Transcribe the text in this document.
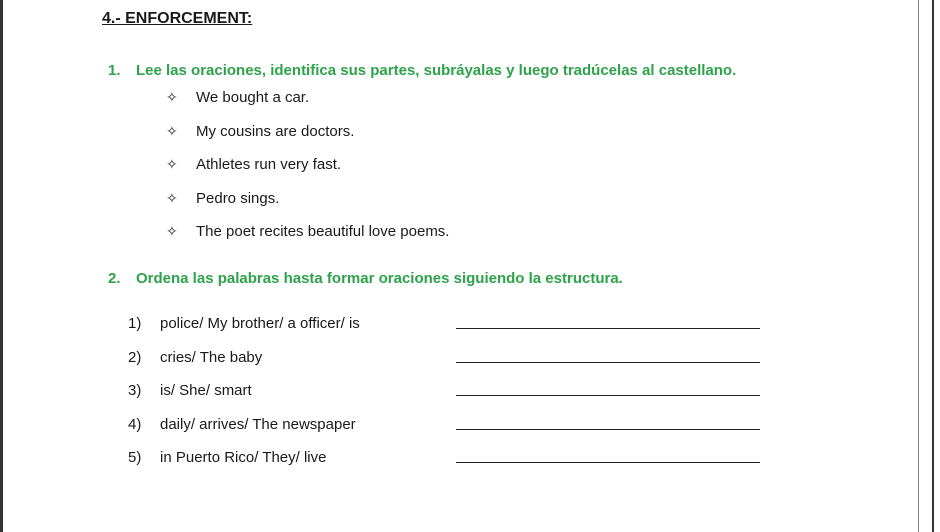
4.- ENFORCEMENT:
1. Lee las oraciones, identifica sus partes, subráyalas y luego tradúcelas al castellano.
✧	We bought a car.
✧	My cousins are doctors.
✧	Athletes run very fast.
✧	Pedro sings.
✧	The poet recites beautiful love poems.
2. Ordena las palabras hasta formar oraciones siguiendo la estructura.
1)	police/ My brother/ a officer/ is
2)	cries/ The baby
3)	is/ She/ smart
4)	daily/ arrives/ The newspaper
5)	in Puerto Rico/ They/ live
